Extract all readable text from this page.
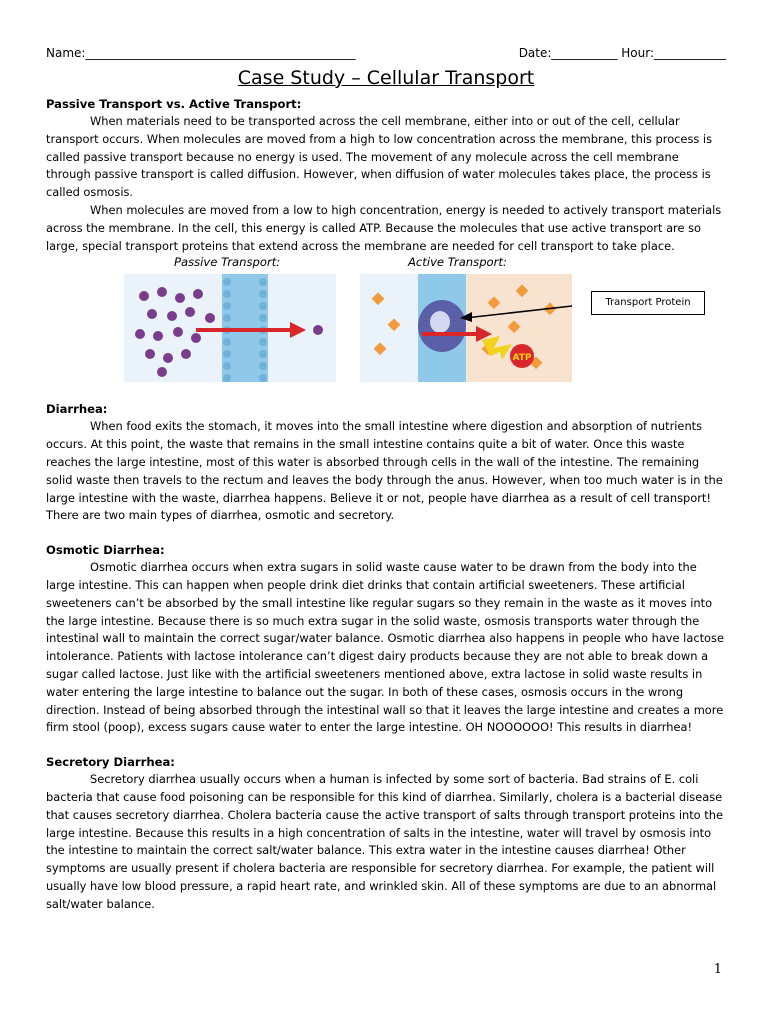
Name:_____________________________________________	Date:___________ Hour:____________
Case Study – Cellular Transport
Passive Transport vs. Active Transport:

When materials need to be transported across the cell membrane, either into or out of the cell, cellular transport occurs. When molecules are moved from a high to low concentration across the membrane, this process is called passive transport because no energy is used. The movement of any molecule across the cell membrane through passive transport is called diffusion. However, when diffusion of water molecules takes place, the process is called osmosis.

When molecules are moved from a low to high concentration, energy is needed to actively transport materials across the membrane. In the cell, this energy is called ATP. Because the molecules that use active transport are so large, special transport proteins that extend across the membrane are needed for cell transport to take place.

Passive Transport:	Active Transport:
ATP
Transport Protein
Diarrhea:

When food exits the stomach, it moves into the small intestine where digestion and absorption of nutrients occurs. At this point, the waste that remains in the small intestine contains quite a bit of water. Once this waste reaches the large intestine, most of this water is absorbed through cells in the wall of the intestine. The remaining solid waste then travels to the rectum and leaves the body through the anus. However, when too much water is in the large intestine with the waste, diarrhea happens. Believe it or not, people have diarrhea as a result of cell transport! There are two main types of diarrhea, osmotic and secretory.

Osmotic Diarrhea:

Osmotic diarrhea occurs when extra sugars in solid waste cause water to be drawn from the body into the large intestine. This can happen when people drink diet drinks that contain artificial sweeteners. These artificial sweeteners can’t be absorbed by the small intestine like regular sugars so they remain in the waste as it moves into the large intestine. Because there is so much extra sugar in the solid waste, osmosis transports water through the intestinal wall to maintain the correct sugar/water balance. Osmotic diarrhea also happens in people who have lactose intolerance. Patients with lactose intolerance can’t digest dairy products because they are not able to break down a sugar called lactose. Just like with the artificial sweeteners mentioned above, extra lactose in solid waste results in water entering the large intestine to balance out the sugar. In both of these cases, osmosis occurs in the wrong direction. Instead of being absorbed through the intestinal wall so that it leaves the large intestine and creates a more firm stool (poop), excess sugars cause water to enter the large intestine. OH NOOOOOO! This results in diarrhea!

Secretory Diarrhea:

Secretory diarrhea usually occurs when a human is infected by some sort of bacteria. Bad strains of E. coli bacteria that cause food poisoning can be responsible for this kind of diarrhea. Similarly, cholera is a bacterial disease that causes secretory diarrhea. Cholera bacteria cause the active transport of salts through transport proteins into the large intestine. Because this results in a high concentration of salts in the intestine, water will travel by osmosis into the intestine to maintain the correct salt/water balance. This extra water in the intestine causes diarrhea! Other symptoms are usually present if cholera bacteria are responsible for secretory diarrhea. For example, the patient will usually have low blood pressure, a rapid heart rate, and wrinkled skin. All of these symptoms are due to an abnormal salt/water balance.

1
